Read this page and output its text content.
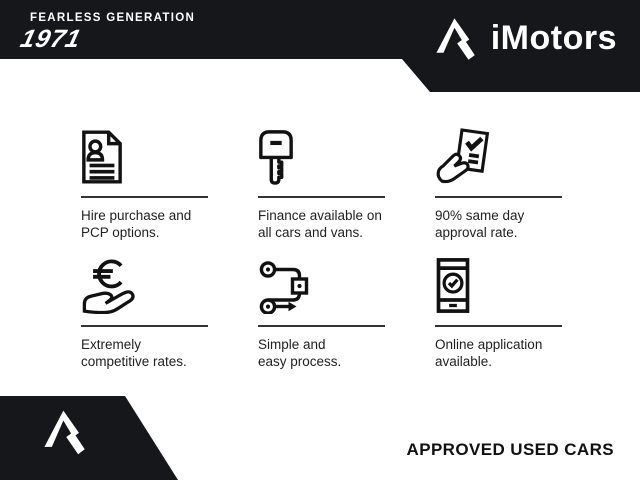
FEARLESS GENERATION
1971	iMotors
Hire purchase and
PCP options.
Finance available on
all cars and vans.
90% same day
approval rate.
Extremely
competitive rates.
Simple and
easy process.
Online application
available.
APPROVED USED CARS
